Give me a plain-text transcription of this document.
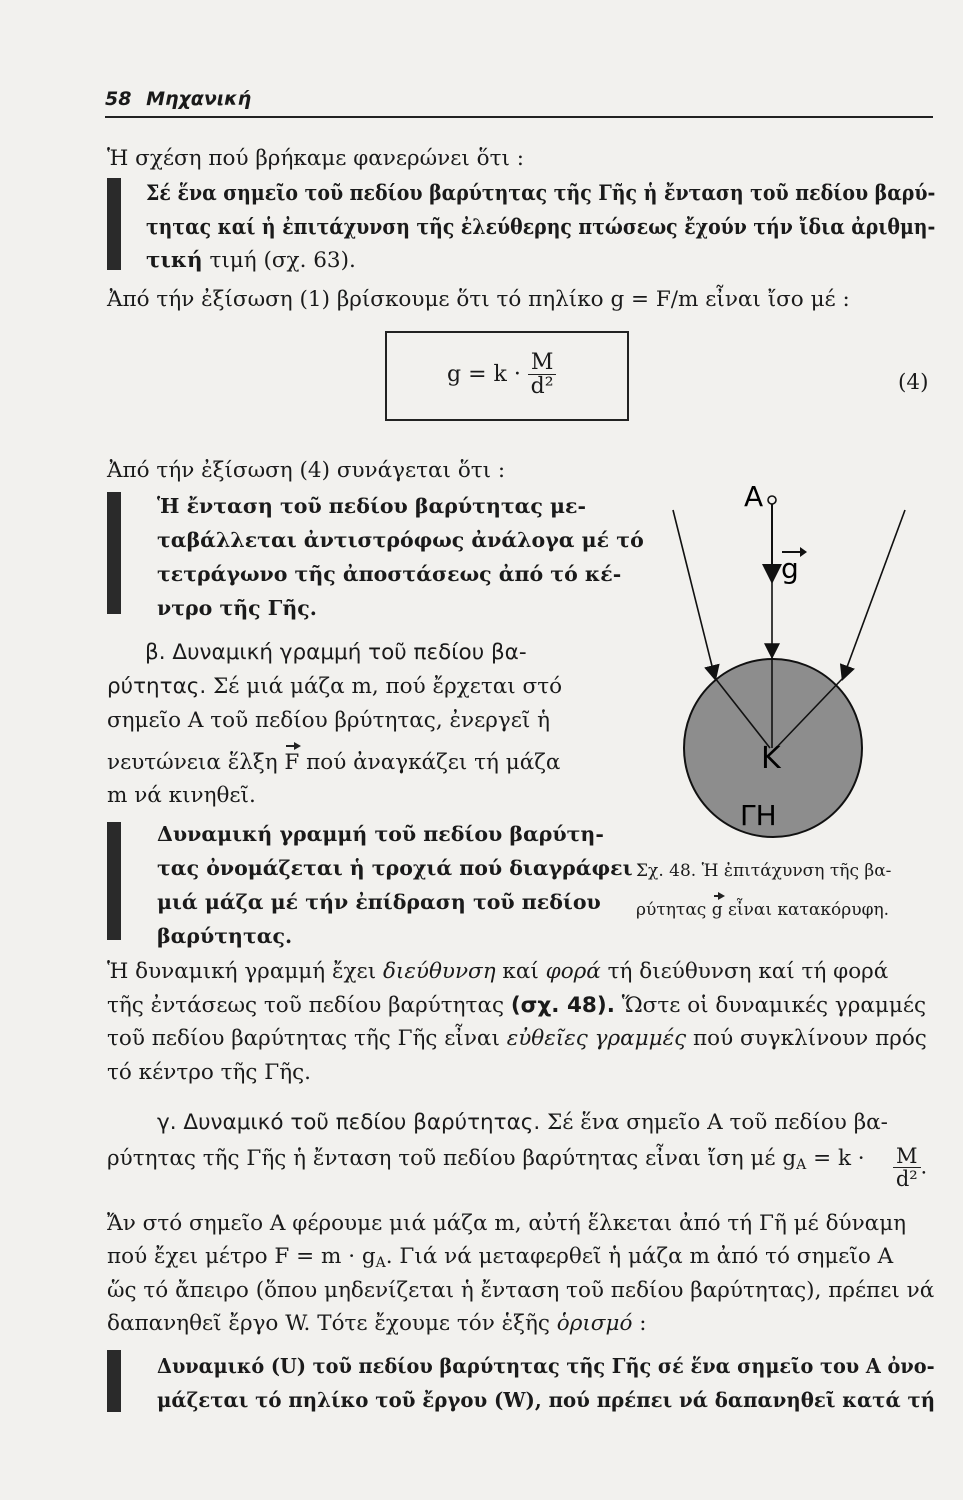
58 Μηχανική
Ἡ σχέση πού βρήκαμε φανερώνει ὅτι :
Σέ ἕνα σημεῖο τοῦ πεδίου βαρύτητας τῆς Γῆς ἡ ἔνταση τοῦ πεδίου βαρύ-
τητας καί ἡ ἐπιτάχυνση τῆς ἐλεύθερης πτώσεως ἔχούν τήν ἴδια ἀριθμη-
τική τιμή (σχ. 63).
Ἀπό τήν ἐξίσωση (1) βρίσκουμε ὅτι τό πηλίκο g = F/m εἶναι ἴσο μέ :
$g = k \cdot \frac{M}{\text{d²}}$	(4)
Ἀπό τήν ἐξίσωση (4) συνάγεται ὅτι :
Ἡ ἔνταση τοῦ πεδίου βαρύτητας με-
ταβάλλεται ἀντιστρόφως ἀνάλογα μέ τό
τετράγωνο τῆς ἀποστάσεως ἀπό τό κέ-
ντρο τῆς Γῆς.
β. Δυναμική γραμμή τοῦ πεδίου βα-
ρύτητας. Σέ μιά μάζα m, πού ἔρχεται στό
σημεῖο Α τοῦ πεδίου βρύτητας, ἐνεργεῖ ἡ
νευτώνεια ἕλξη F πού ἀναγκάζει τή μάζα
m νά κινηθεῖ.
Δυναμική γραμμή τοῦ πεδίου βαρύτη-
τας ὀνομάζεται ἡ τροχιά πού διαγράφει
μιά μάζα μέ τήν ἐπίδραση τοῦ πεδίου
βαρύτητας.
A
g
K
ΓΗ
Σχ. 48. Ἡ ἐπιτάχυνση τῆς βα-
ρύτητας g εἶναι κατακόρυφη.
Ἡ δυναμική γραμμή ἔχει διεύθυνση καί φορά τή διεύθυνση καί τή φορά
τῆς ἐντάσεως τοῦ πεδίου βαρύτητας (σχ. 48). Ὥστε οἱ δυναμικές γραμμές
τοῦ πεδίου βαρύτητας τῆς Γῆς εἶναι εὐθεῖες γραμμές πού συγκλίνουν πρός
τό κέντρο τῆς Γῆς.
γ. Δυναμικό τοῦ πεδίου βαρύτητας. Σέ ἕνα σημεῖο Α τοῦ πεδίου βα-
ρύτητας τῆς Γῆς ἡ ἔνταση τοῦ πεδίου βαρύτητας εἶναι ἴση μέ $g_A = k \cdot \frac{M}{\text{d²}}$ .
Ἄν στό σημεῖο Α φέρουμε μιά μάζα m, αὐτή ἕλκεται ἀπό τή Γῆ μέ δύναμη
πού ἔχει μέτρο $F = m \cdot g_A$. Γιά νά μεταφερθεῖ ἡ μάζα m ἀπό τό σημεῖο Α
ὥς τό ἄπειρο (ὅπου μηδενίζεται ἡ ἔνταση τοῦ πεδίου βαρύτητας), πρέπει νά
δαπανηθεῖ ἔργο W. Τότε ἔχουμε τόν ἑξῆς ὁρισμό :
Δυναμικό (U) τοῦ πεδίου βαρύτητας τῆς Γῆς σέ ἕνα σημεῖο του Α ὀνο-
μάζεται τό πηλίκο τοῦ ἔργου (W), πού πρέπει νά δαπανηθεῖ κατά τή
